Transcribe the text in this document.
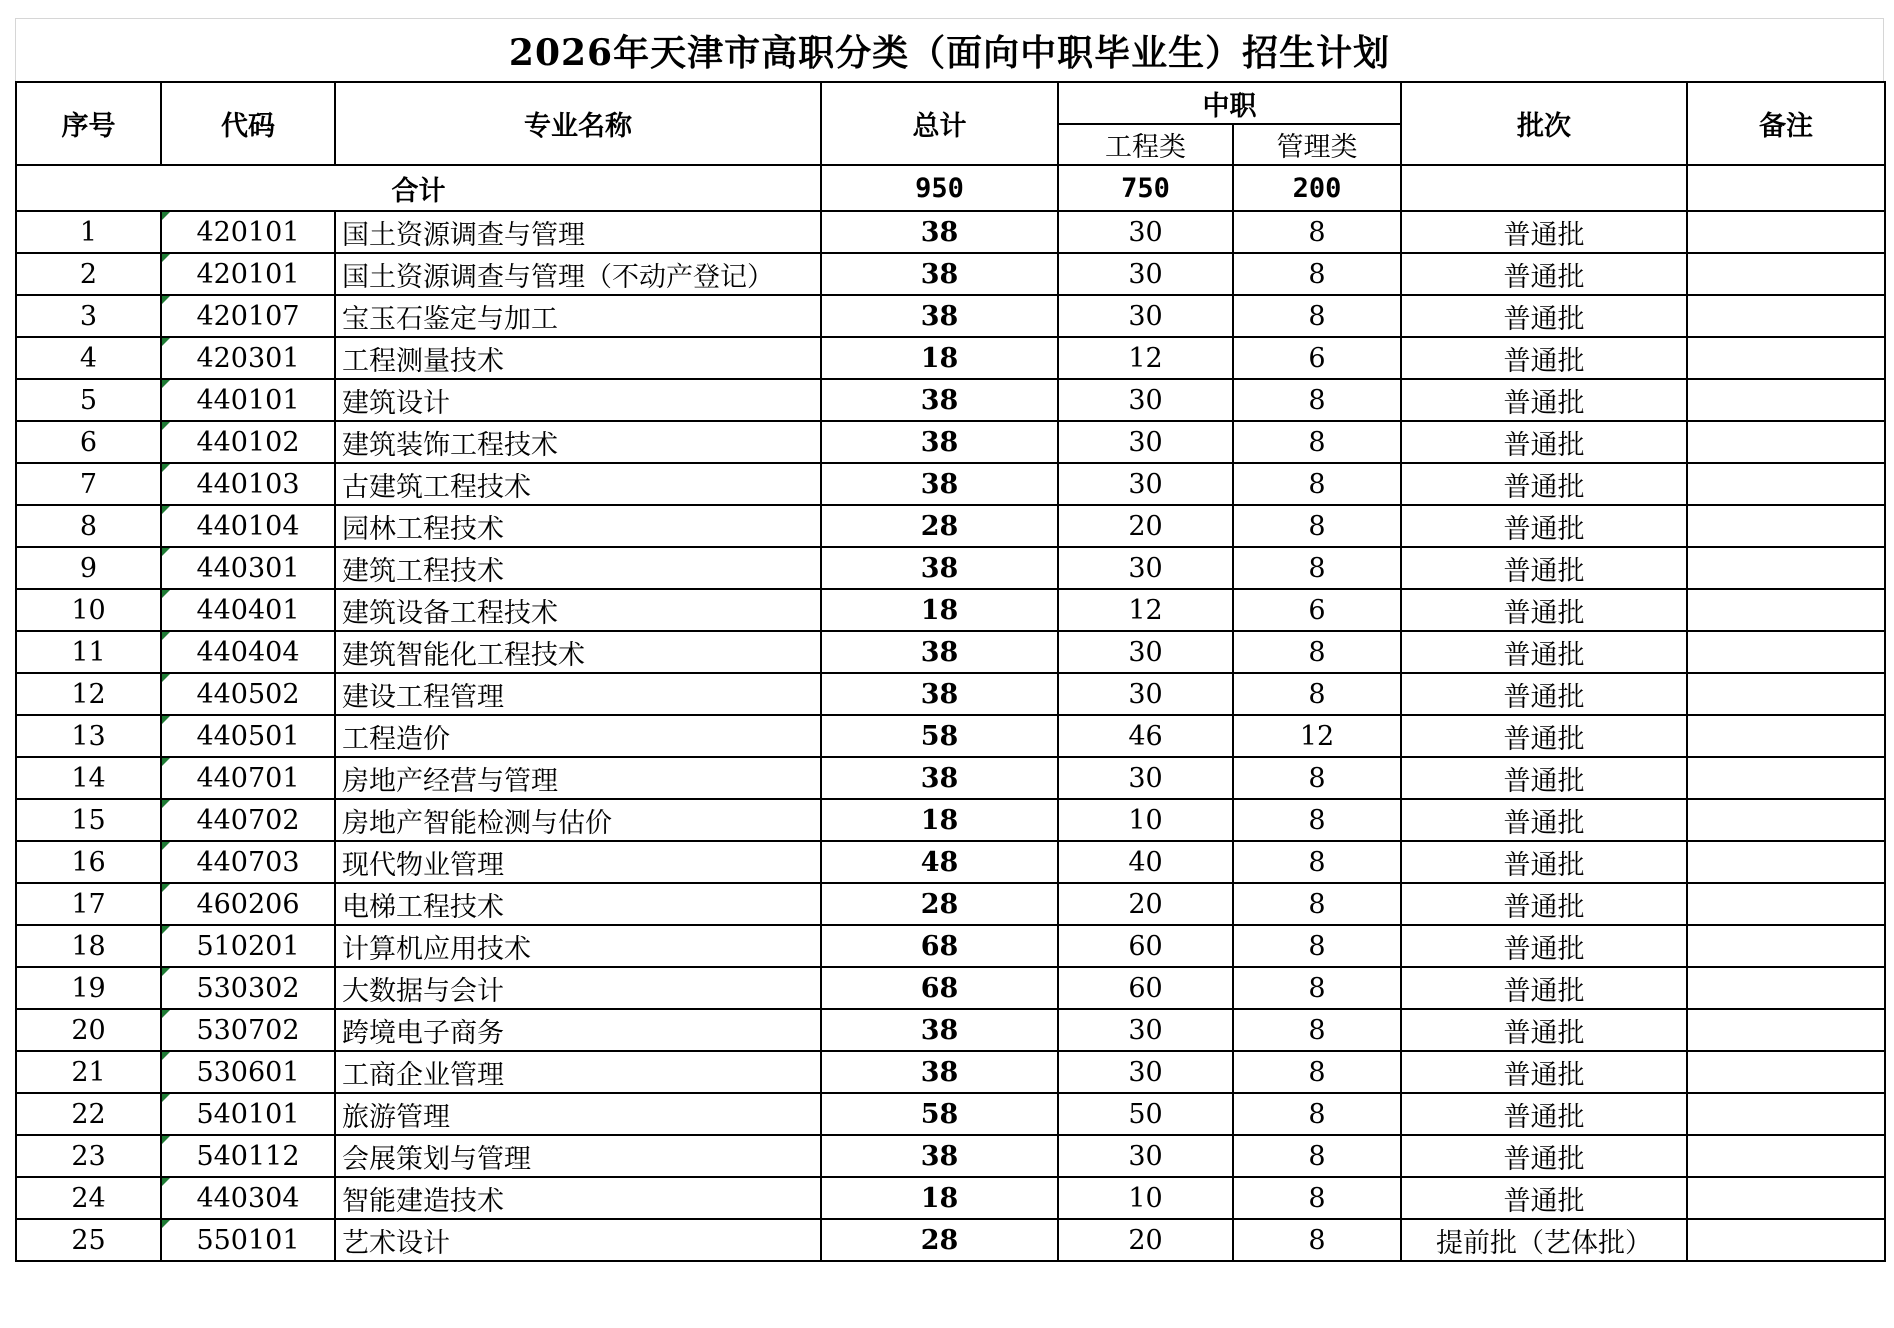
2026年天津市高职分类（面向中职毕业生）招生计划
序号	代码	专业名称	总计	中职		批次	备注
				工程类	管理类		
合计			950	750	200		
1	420101	国土资源调查与管理	38	30	8	普通批	
2	420101	国土资源调查与管理（不动产登记）	38	30	8	普通批	
3	420107	宝玉石鉴定与加工	38	30	8	普通批	
4	420301	工程测量技术	18	12	6	普通批	
5	440101	建筑设计	38	30	8	普通批	
6	440102	建筑装饰工程技术	38	30	8	普通批	
7	440103	古建筑工程技术	38	30	8	普通批	
8	440104	园林工程技术	28	20	8	普通批	
9	440301	建筑工程技术	38	30	8	普通批	
10	440401	建筑设备工程技术	18	12	6	普通批	
11	440404	建筑智能化工程技术	38	30	8	普通批	
12	440502	建设工程管理	38	30	8	普通批	
13	440501	工程造价	58	46	12	普通批	
14	440701	房地产经营与管理	38	30	8	普通批	
15	440702	房地产智能检测与估价	18	10	8	普通批	
16	440703	现代物业管理	48	40	8	普通批	
17	460206	电梯工程技术	28	20	8	普通批	
18	510201	计算机应用技术	68	60	8	普通批	
19	530302	大数据与会计	68	60	8	普通批	
20	530702	跨境电子商务	38	30	8	普通批	
21	530601	工商企业管理	38	30	8	普通批	
22	540101	旅游管理	58	50	8	普通批	
23	540112	会展策划与管理	38	30	8	普通批	
24	440304	智能建造技术	18	10	8	普通批	
25	550101	艺术设计	28	20	8	提前批（艺体批）	
